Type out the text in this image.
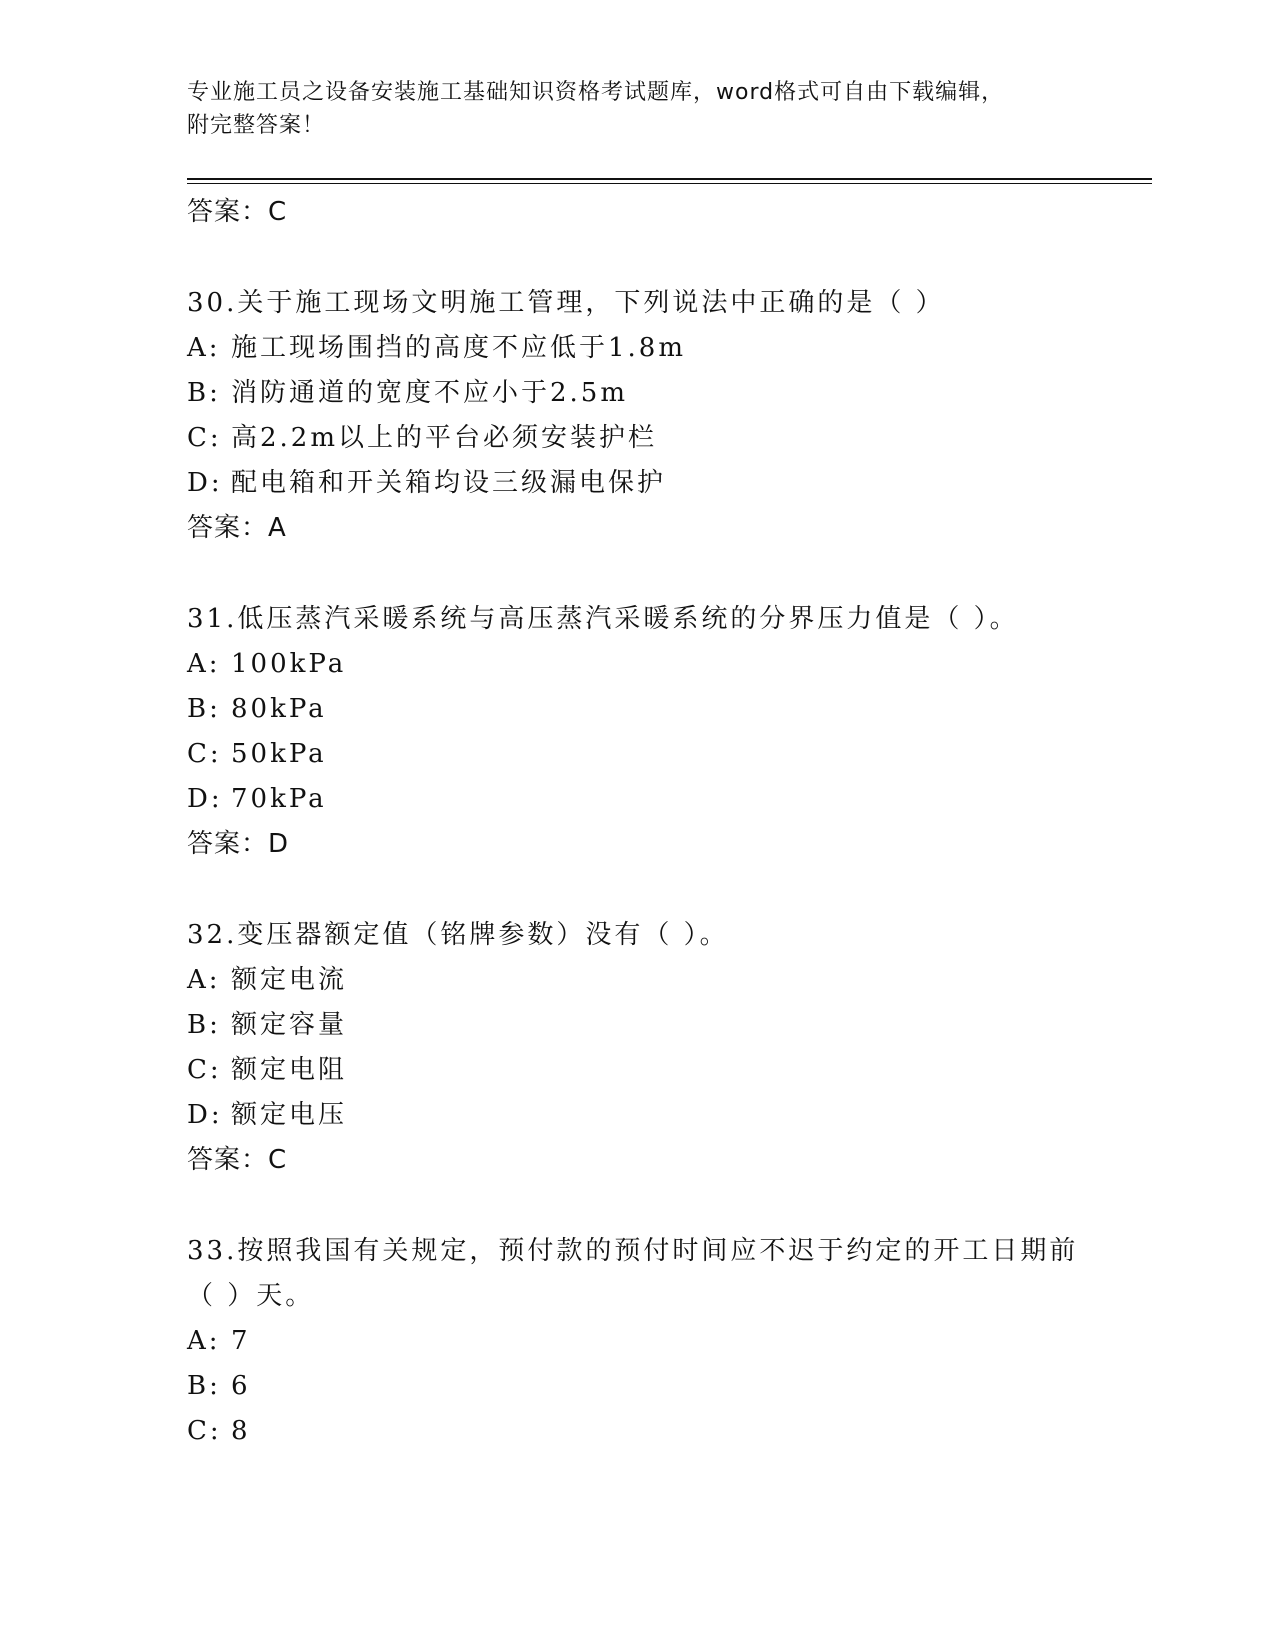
专业施工员之设备安装施工基础知识资格考试题库，word格式可自由下载编辑，
附完整答案！
答案：C
30.关于施工现场文明施工管理，下列说法中正确的是（ ）
A: 施工现场围挡的高度不应低于1.8m
B: 消防通道的宽度不应小于2.5m
C: 高2.2m以上的平台必须安装护栏
D: 配电箱和开关箱均设三级漏电保护
答案：A
31.低压蒸汽采暖系统与高压蒸汽采暖系统的分界压力值是（ ）。
A: 100kPa
B: 80kPa
C: 50kPa
D: 70kPa
答案：D
32.变压器额定值（铭牌参数）没有（ ）。
A: 额定电流
B: 额定容量
C: 额定电阻
D: 额定电压
答案：C
33.按照我国有关规定，预付款的预付时间应不迟于约定的开工日期前
（ ）天。
A: 7
B: 6
C: 8
